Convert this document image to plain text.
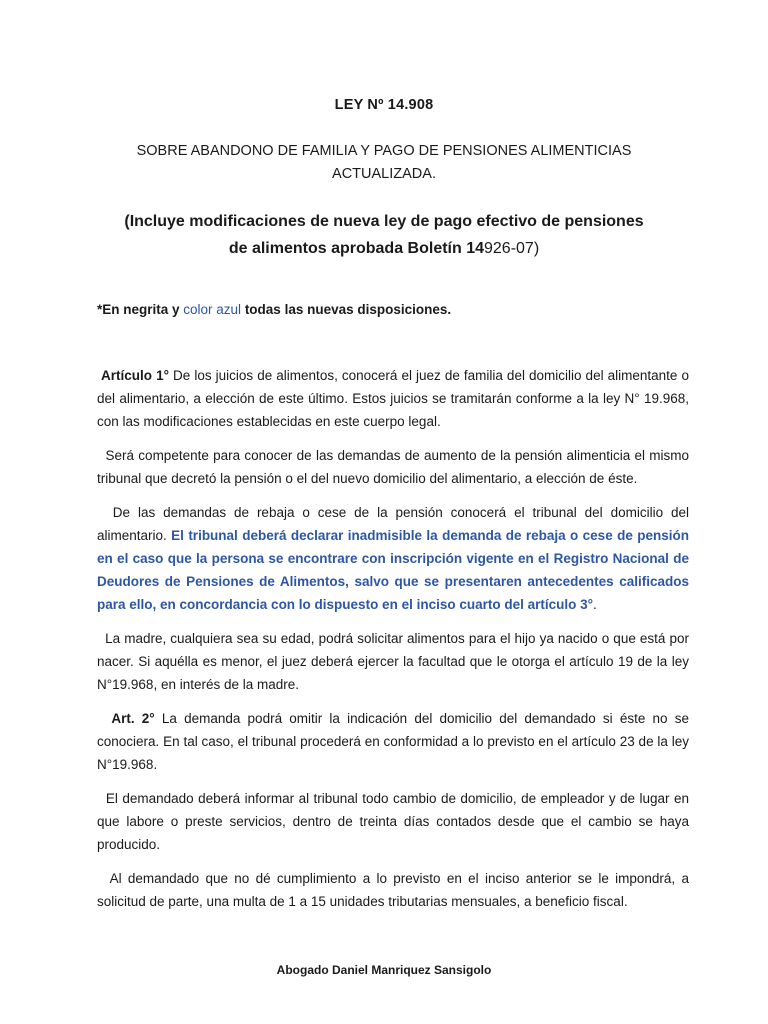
LEY Nº 14.908
SOBRE ABANDONO DE FAMILIA Y PAGO DE PENSIONES ALIMENTICIAS
ACTUALIZADA.
(Incluye modificaciones de nueva ley de pago efectivo de pensiones
de alimentos aprobada Boletín 14926-07)
*En negrita y color azul todas las nuevas disposiciones.

Artículo 1° De los juicios de alimentos, conocerá el juez de familia del domicilio del alimentante o del alimentario, a elección de este último. Estos juicios se tramitarán conforme a la ley N° 19.968, con las modificaciones establecidas en este cuerpo legal.

Será competente para conocer de las demandas de aumento de la pensión alimenticia el mismo tribunal que decretó la pensión o el del nuevo domicilio del alimentario, a elección de éste.

De las demandas de rebaja o cese de la pensión conocerá el tribunal del domicilio del alimentario. El tribunal deberá declarar inadmisible la demanda de rebaja o cese de pensión en el caso que la persona se encontrare con inscripción vigente en el Registro Nacional de Deudores de Pensiones de Alimentos, salvo que se presentaren antecedentes calificados para ello, en concordancia con lo dispuesto en el inciso cuarto del artículo 3°.

La madre, cualquiera sea su edad, podrá solicitar alimentos para el hijo ya nacido o que está por nacer. Si aquélla es menor, el juez deberá ejercer la facultad que le otorga el artículo 19 de la ley N°19.968, en interés de la madre.

Art. 2° La demanda podrá omitir la indicación del domicilio del demandado si éste no se conociera. En tal caso, el tribunal procederá en conformidad a lo previsto en el artículo 23 de la ley N°19.968.

El demandado deberá informar al tribunal todo cambio de domicilio, de empleador y de lugar en que labore o preste servicios, dentro de treinta días contados desde que el cambio se haya producido.

Al demandado que no dé cumplimiento a lo previsto en el inciso anterior se le impondrá, a solicitud de parte, una multa de 1 a 15 unidades tributarias mensuales, a beneficio fiscal.

Abogado Daniel Manriquez Sansigolo
